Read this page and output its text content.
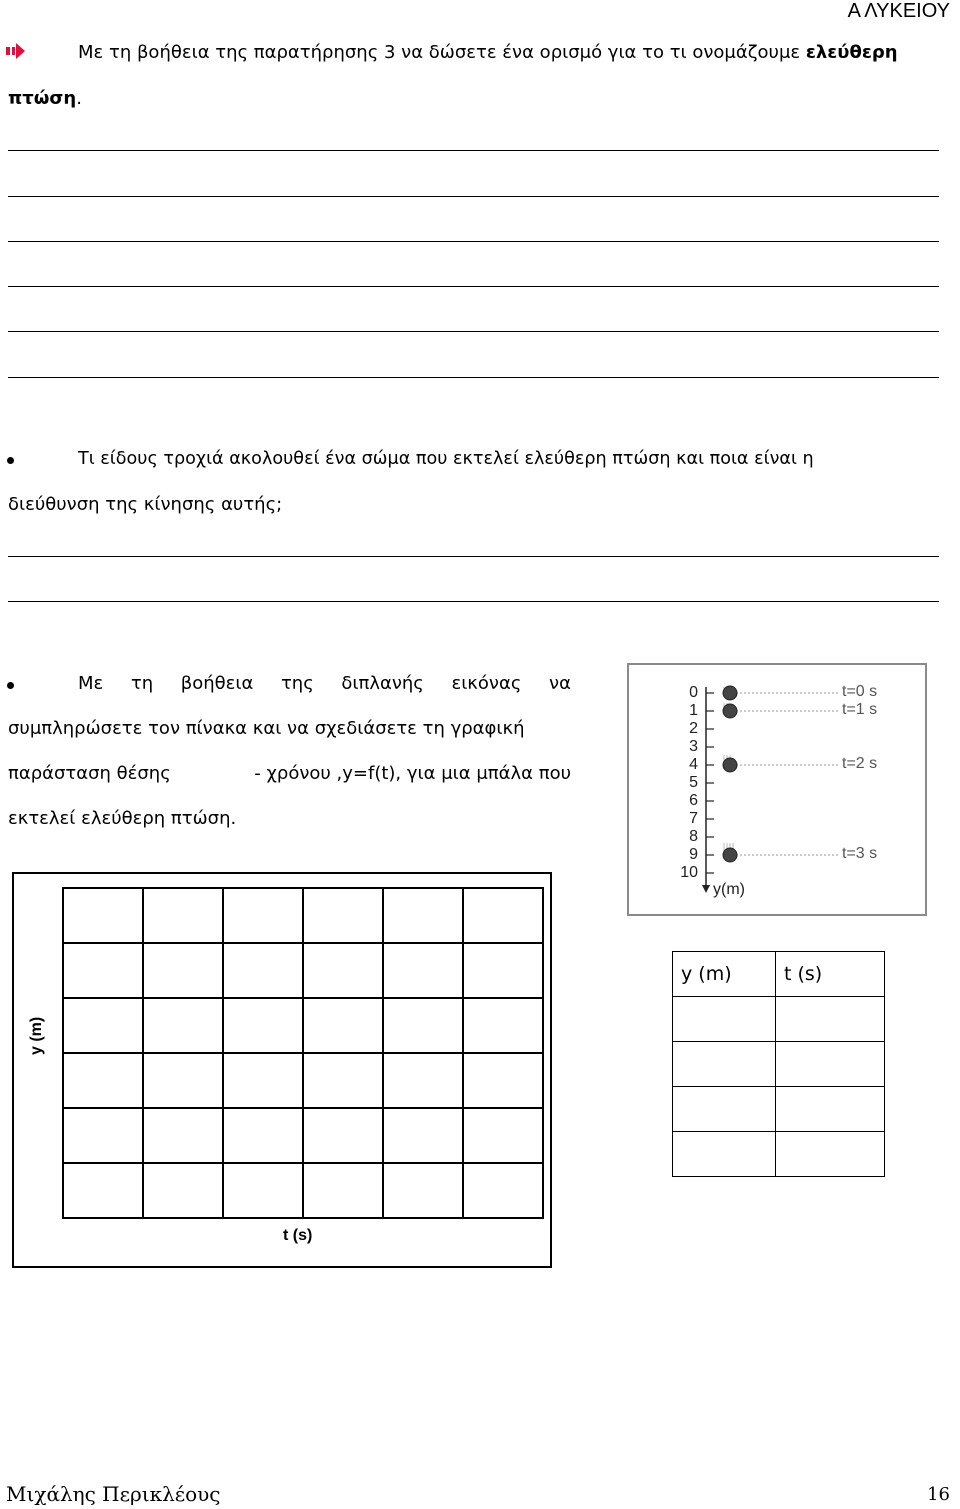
Α ΛΥΚΕΙΟΥ
Με τη βοήθεια της παρατήρησης 3 να δώσετε ένα ορισμό για το τι ονομάζουμε ελεύθερη
πτώση.
Τι είδους τροχιά ακολουθεί ένα σώμα που εκτελεί ελεύθερη πτώση και ποια είναι η
διεύθυνση της κίνησης αυτής;
Με τη βοήθεια της διπλανής εικόνας να
συμπληρώσετε τον πίνακα και να σχεδιάσετε τη γραφική
παράσταση θέσης	- χρόνου ,y=f(t), για μια μπάλα που
εκτελεί ελεύθερη πτώση.

y (m)
t (s)
y(m)
0
1
2
3
4
5
6
7
8
9
10
t=0 s
t=1 s
t=2 s
t=3 s
y (m)	t (s)

Μιχάλης Περικλέους	16
